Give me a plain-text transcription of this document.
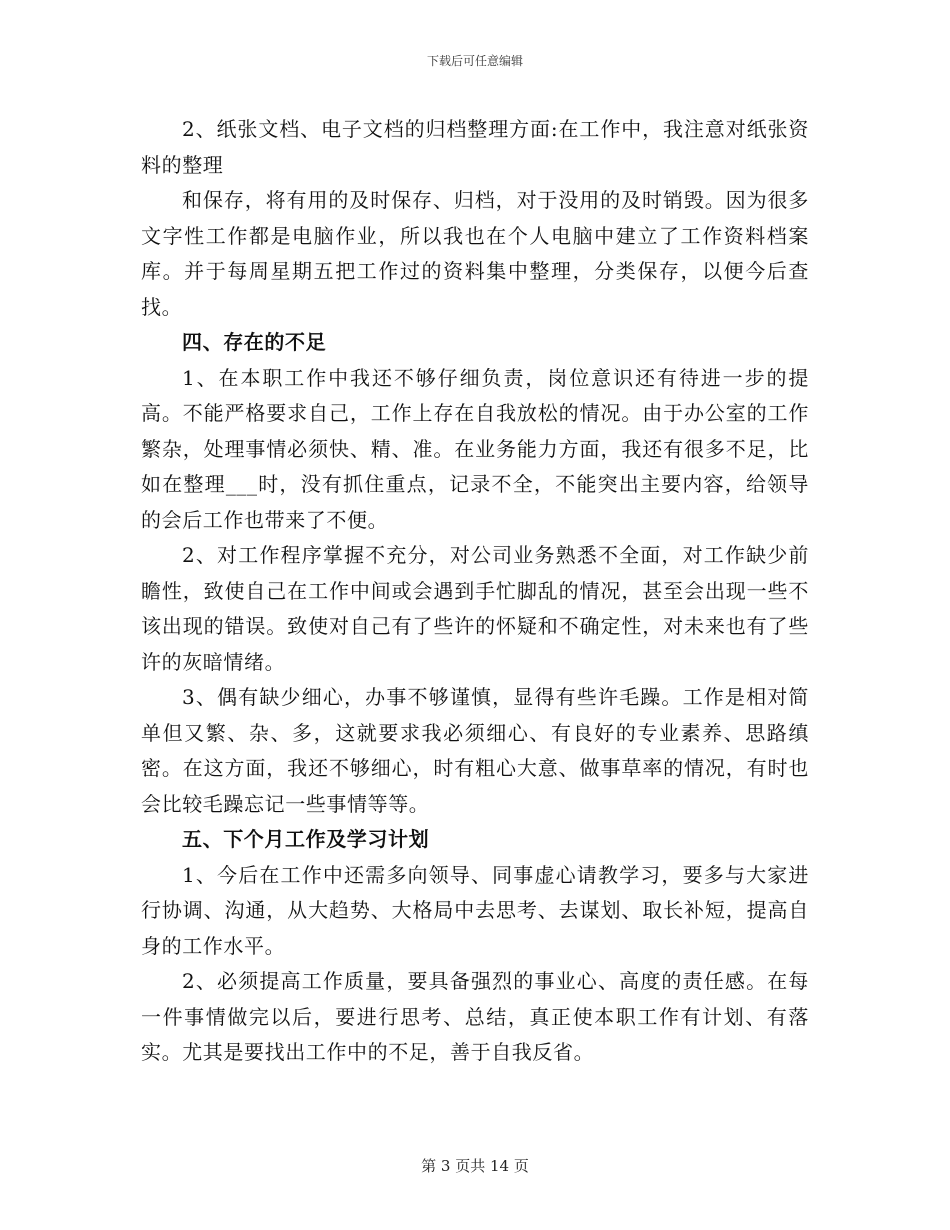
下载后可任意编辑

2、纸张文档、电子文档的归档整理方面:在工作中，我注意对纸张资料的整理

和保存，将有用的及时保存、归档，对于没用的及时销毁。因为很多文字性工作都是电脑作业，所以我也在个人电脑中建立了工作资料档案库。并于每周星期五把工作过的资料集中整理，分类保存，以便今后查找。

四、存在的不足

1、在本职工作中我还不够仔细负责，岗位意识还有待进一步的提高。不能严格要求自己，工作上存在自我放松的情况。由于办公室的工作繁杂，处理事情必须快、精、准。在业务能力方面，我还有很多不足，比如在整理___时，没有抓住重点，记录不全，不能突出主要内容，给领导的会后工作也带来了不便。

2、对工作程序掌握不充分，对公司业务熟悉不全面，对工作缺少前瞻性，致使自己在工作中间或会遇到手忙脚乱的情况，甚至会出现一些不该出现的错误。致使对自己有了些许的怀疑和不确定性，对未来也有了些许的灰暗情绪。

3、偶有缺少细心，办事不够谨慎，显得有些许毛躁。工作是相对简单但又繁、杂、多，这就要求我必须细心、有良好的专业素养、思路缜密。在这方面，我还不够细心，时有粗心大意、做事草率的情况，有时也会比较毛躁忘记一些事情等等。

五、下个月工作及学习计划

1、今后在工作中还需多向领导、同事虚心请教学习，要多与大家进行协调、沟通，从大趋势、大格局中去思考、去谋划、取长补短，提高自身的工作水平。

2、必须提高工作质量，要具备强烈的事业心、高度的责任感。在每一件事情做完以后，要进行思考、总结，真正使本职工作有计划、有落实。尤其是要找出工作中的不足，善于自我反省。

第 3 页共 14 页
